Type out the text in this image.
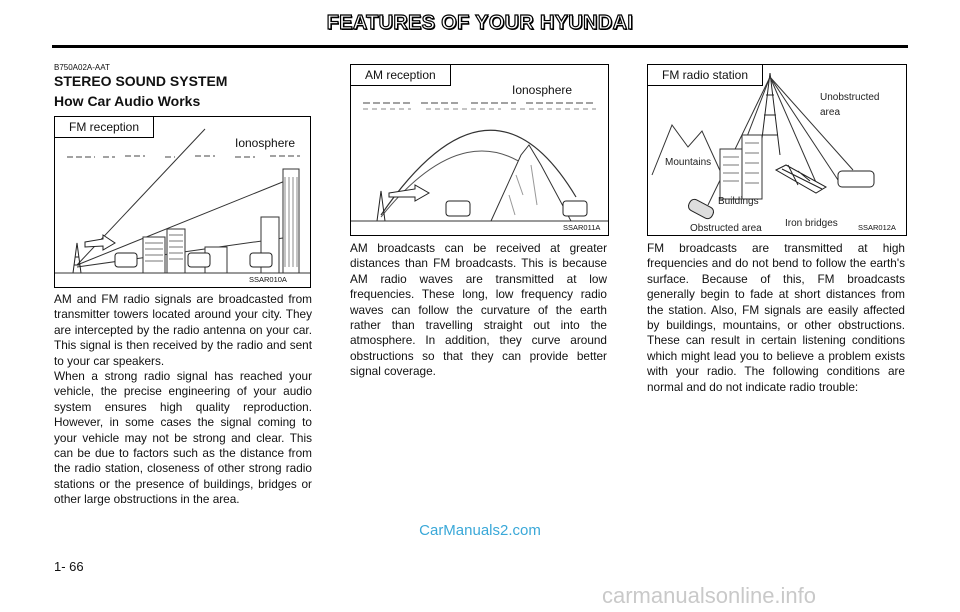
FEATURES OF YOUR HYUNDAI
B750A02A-AAT
STEREO SOUND SYSTEM
How Car Audio Works
FM reception
Ionosphere
SSAR010A
AM reception
Ionosphere
SSAR011A
FM radio station
Unobstructed
area
Mountains
Buildings
Iron bridges
Obstructed area	SSAR012A

AM and FM radio signals are broadcasted from transmitter towers located around your city. They are intercepted by the radio antenna on your car. This signal is then received by the radio and sent to your car speakers.

When a strong radio signal has reached your vehicle, the precise engineering of your audio system ensures high quality reproduction. However, in some cases the signal coming to your vehicle may not be strong and clear. This can be due to factors such as the distance from the radio station, closeness of other strong radio stations or the presence of buildings, bridges or other large obstructions in the area.

AM broadcasts can be received at greater distances than FM broadcasts. This is because AM radio waves are transmitted at low frequencies. These long, low frequency radio waves can follow the curvature of the earth rather than travelling straight out into the atmosphere. In addition, they curve around obstructions so that they can provide better signal coverage.

FM broadcasts are transmitted at high frequencies and do not bend to follow the earth's surface. Because of this, FM broadcasts generally begin to fade at short distances from the station. Also, FM signals are easily affected by buildings, mountains, or other obstructions. These can result in certain listening conditions which might lead you to believe a problem exists with your radio. The following conditions are normal and do not indicate radio trouble:

CarManuals2.com
1- 66
carmanualsonline.info
